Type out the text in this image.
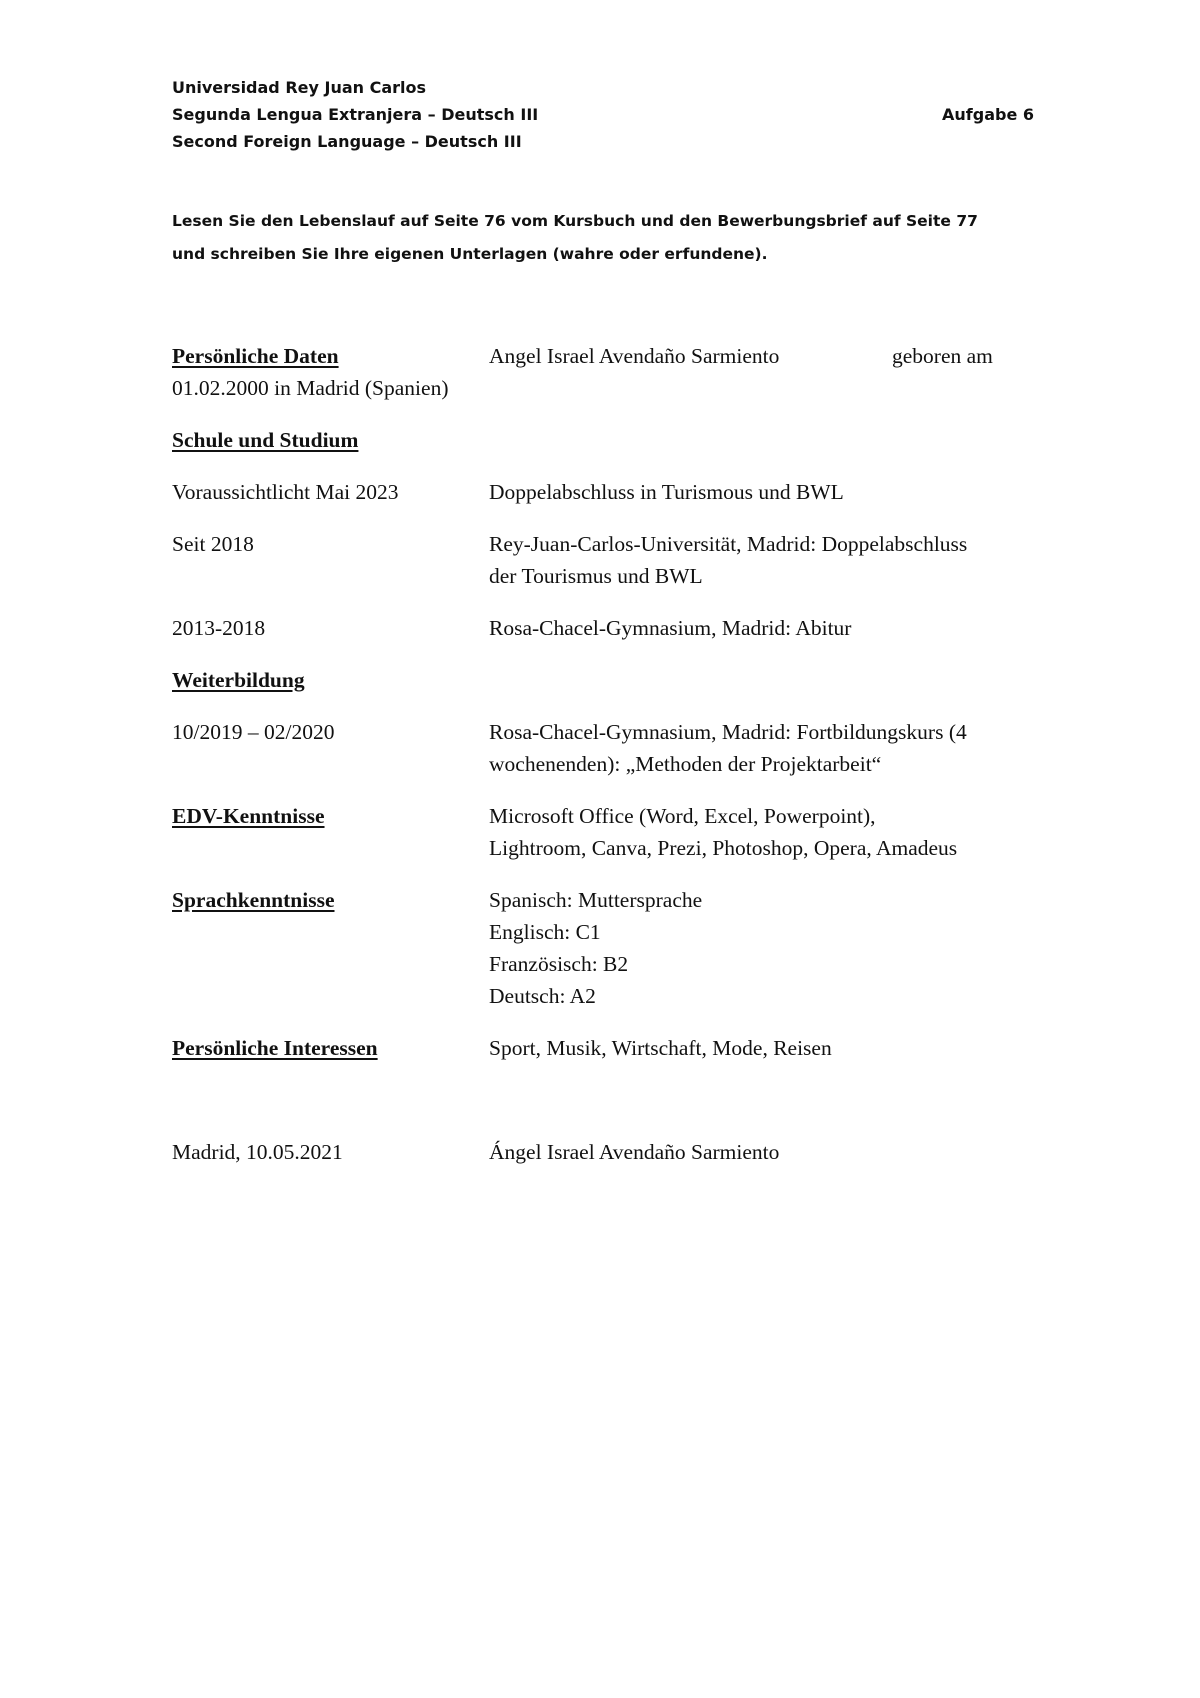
Universidad Rey Juan Carlos
Segunda Lengua Extranjera – Deutsch III	Aufgabe 6
Second Foreign Language – Deutsch III
Lesen Sie den Lebenslauf auf Seite 76 vom Kursbuch und den Bewerbungsbrief auf Seite 77
und schreiben Sie Ihre eigenen Unterlagen (wahre oder erfundene).
Persönliche Daten	Angel Israel Avendaño Sarmiento	geboren am
01.02.2000 in Madrid (Spanien)
Schule und Studium
Voraussichtlicht Mai 2023	Doppelabschluss in Turismous und BWL
Seit 2018	Rey-Juan-Carlos-Universität, Madrid: Doppelabschluss
der Tourismus und BWL
2013-2018	Rosa-Chacel-Gymnasium, Madrid: Abitur
Weiterbildung
10/2019 – 02/2020	Rosa-Chacel-Gymnasium, Madrid: Fortbildungskurs (4
wochenenden): „Methoden der Projektarbeit“
EDV-Kenntnisse	Microsoft Office (Word, Excel, Powerpoint),
Lightroom, Canva, Prezi, Photoshop, Opera, Amadeus
Sprachkenntnisse	Spanisch: Muttersprache
Englisch: C1
Französisch: B2
Deutsch: A2
Persönliche Interessen	Sport, Musik, Wirtschaft, Mode, Reisen
Madrid, 10.05.2021	Ángel Israel Avendaño Sarmiento
